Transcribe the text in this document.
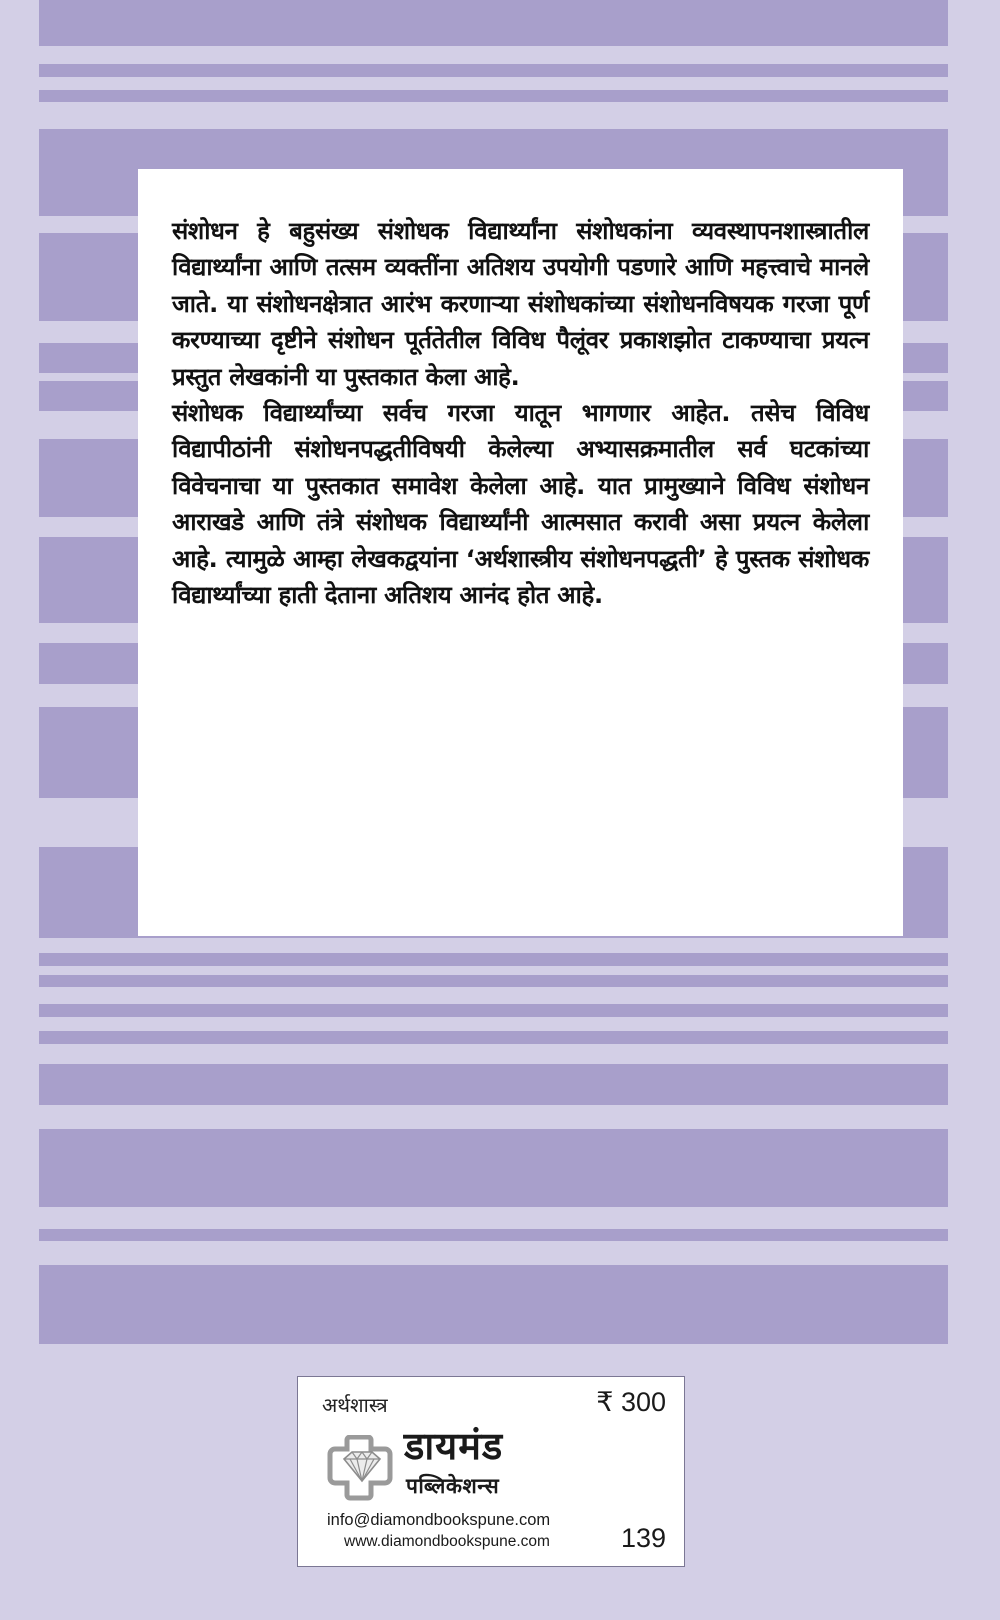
संशोधन हे बहुसंख्य संशोधक विद्यार्थ्यांना संशोधकांना व्यवस्थापनशास्त्रातील विद्यार्थ्यांना आणि तत्सम व्यक्तींना अतिशय उपयोगी पडणारे आणि महत्त्वाचे मानले जाते. या संशोधनक्षेत्रात आरंभ करणाऱ्या संशोधकांच्या संशोधनविषयक गरजा पूर्ण करण्याच्या दृष्टीने संशोधन पूर्ततेतील विविध पैलूंवर प्रकाशझोत टाकण्याचा प्रयत्न प्रस्तुत लेखकांनी या पुस्तकात केला आहे.

संशोधक विद्यार्थ्यांच्या सर्वच गरजा यातून भागणार आहेत. तसेच विविध विद्यापीठांनी संशोधनपद्धतीविषयी केलेल्या अभ्यासक्रमातील सर्व घटकांच्या विवेचनाचा या पुस्तकात समावेश केलेला आहे. यात प्रामुख्याने विविध संशोधन आराखडे आणि तंत्रे संशोधक विद्यार्थ्यांनी आत्मसात करावी असा प्रयत्न केलेला आहे. त्यामुळे आम्हा लेखकद्वयांना ‘अर्थशास्त्रीय संशोधनपद्धती’ हे पुस्तक संशोधक विद्यार्थ्यांच्या हाती देताना अतिशय आनंद होत आहे.

अर्थशास्त्र	₹ 300
डायमंड
पब्लिकेशन्स
info@diamondbookspune.com
www.diamondbookspune.com	139
